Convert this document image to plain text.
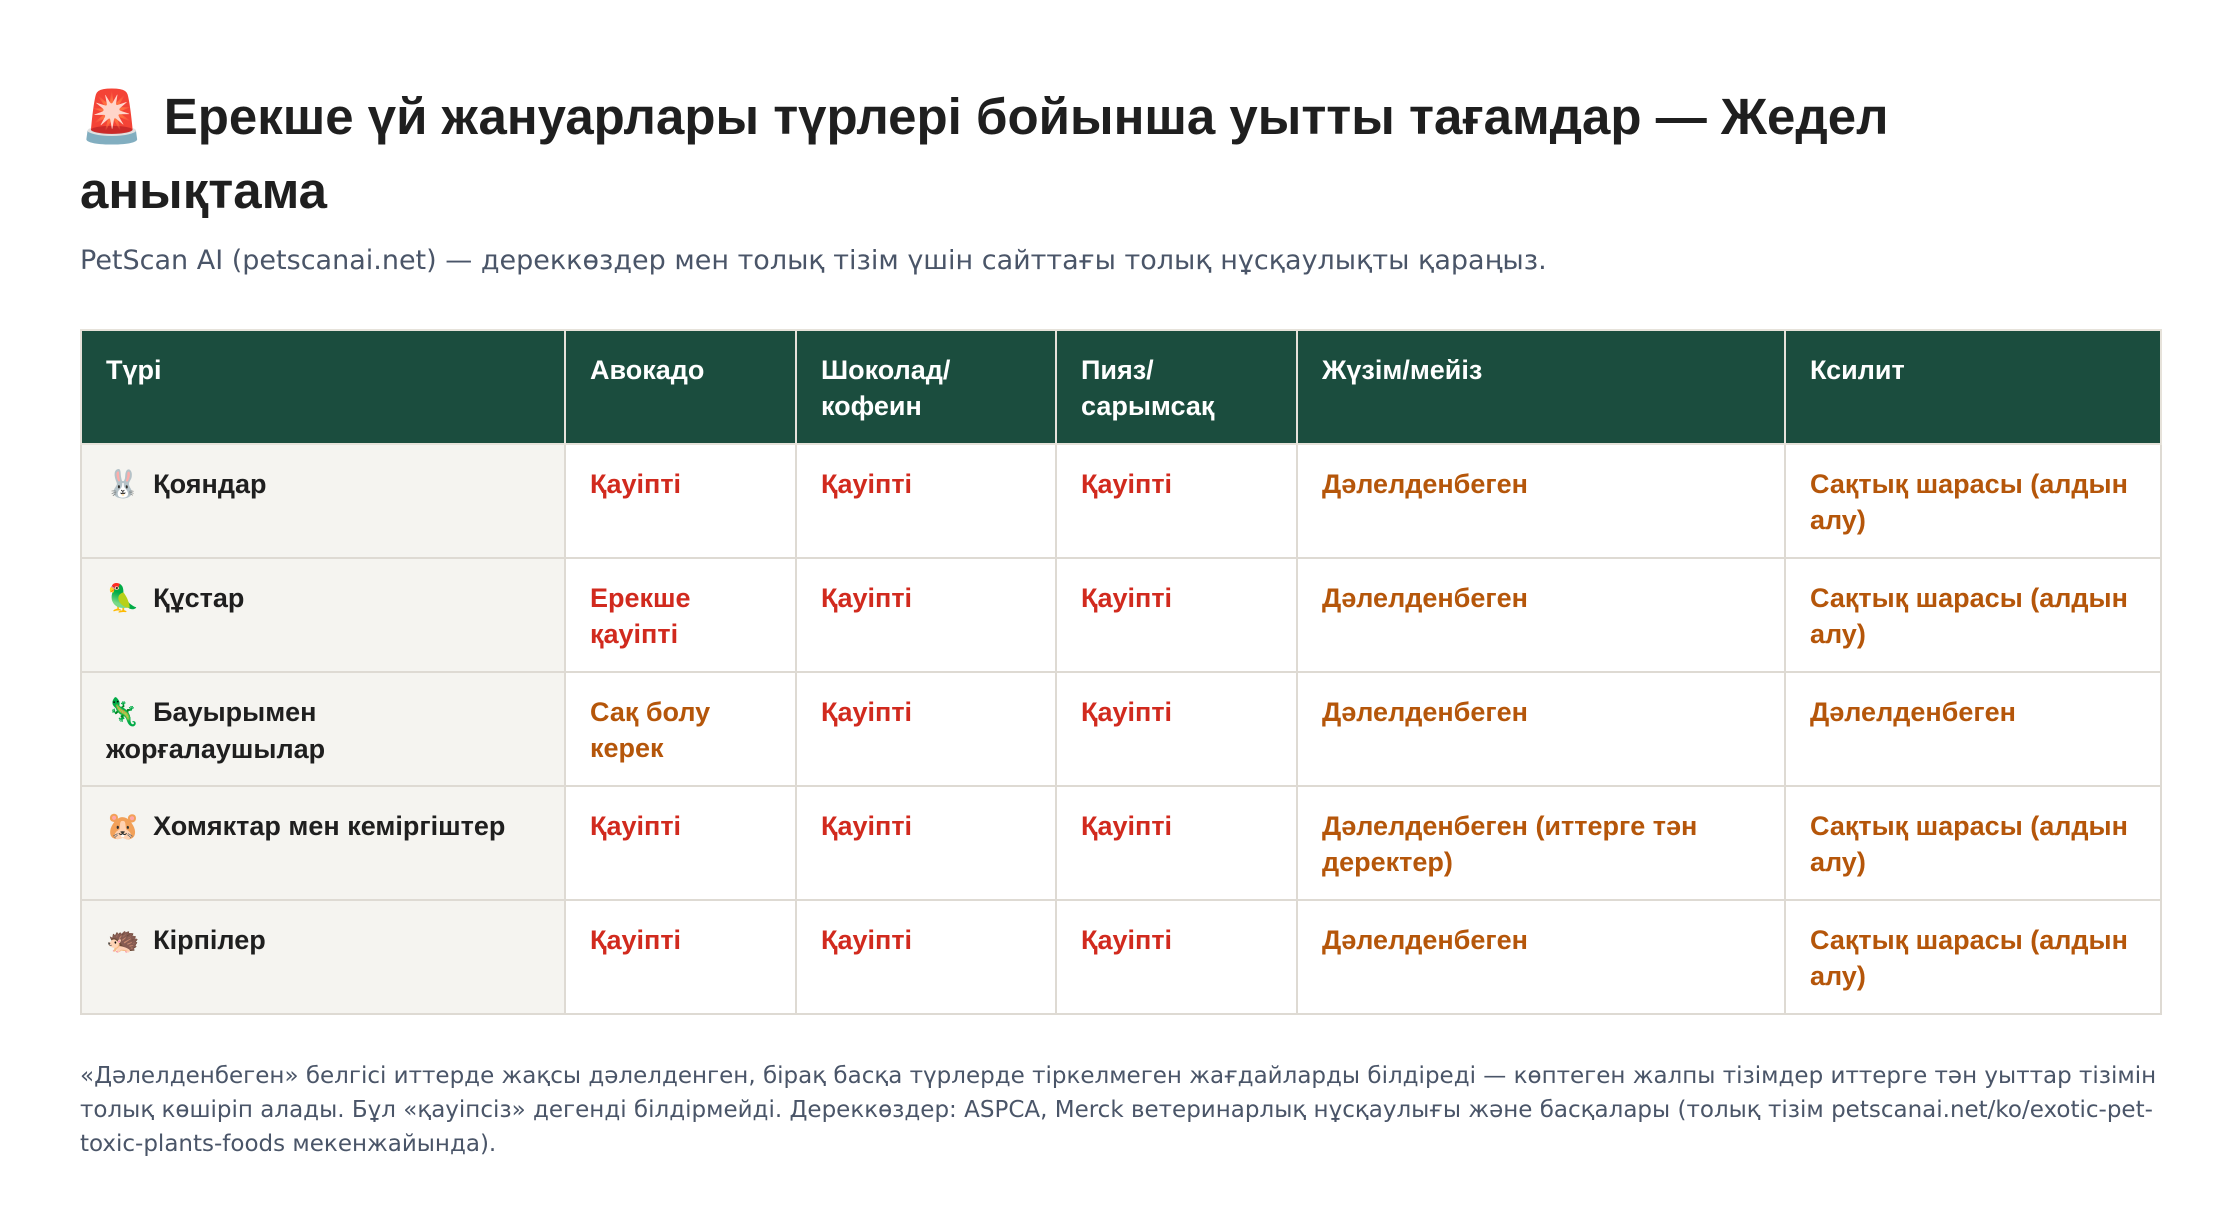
🚨 Ерекше үй жануарлары түрлері бойынша уытты тағамдар — Жедел анықтама

PetScan AI (petscanai.net) — дереккөздер мен толық тізім үшін сайттағы толық нұсқаулықты қараңыз.

Түрі	Авокадо	Шоколад/ кофеин	Пияз/ сарымсақ	Жүзім/мейіз	Ксилит
🐰 Қояндар	Қауіпті	Қауіпті	Қауіпті	Дәлелденбеген	Сақтық шарасы (алдын алу)
🦜 Құстар	Ерекше қауіпті	Қауіпті	Қауіпті	Дәлелденбеген	Сақтық шарасы (алдын алу)
🦎 Бауырымен жорғалаушылар	Сақ болу керек	Қауіпті	Қауіпті	Дәлелденбеген	Дәлелденбеген
🐹 Хомяктар мен кеміргіштер	Қауіпті	Қауіпті	Қауіпті	Дәлелденбеген (иттерге тән деректер)	Сақтық шарасы (алдын алу)
🦔 Кірпілер	Қауіпті	Қауіпті	Қауіпті	Дәлелденбеген	Сақтық шарасы (алдын алу)

«Дәлелденбеген» белгісі иттерде жақсы дәлелденген, бірақ басқа түрлерде тіркелмеген жағдайларды білдіреді — көптеген жалпы тізімдер иттерге тән уыттар тізімін толық көшіріп алады. Бұл «қауіпсіз» дегенді білдірмейді. Дереккөздер: ASPCA, Merck ветеринарлық нұсқаулығы және басқалары (толық тізім petscanai.net/ko/exotic-pet-toxic-plants-foods мекенжайында).
